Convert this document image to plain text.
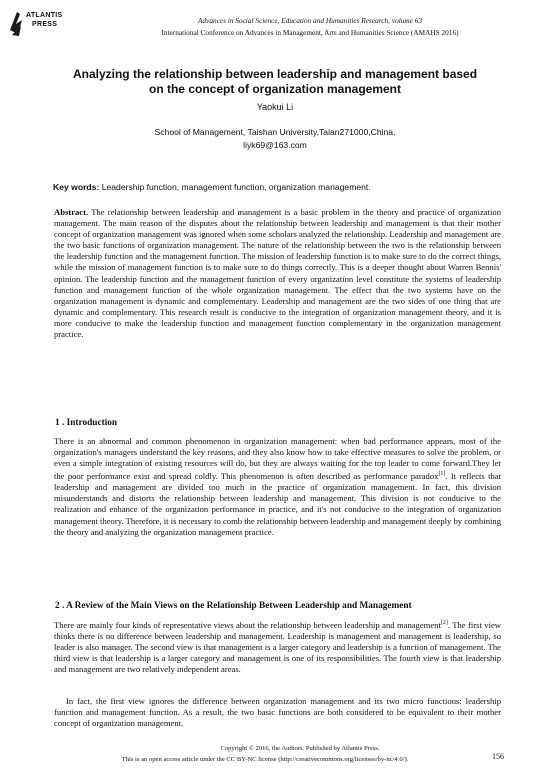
ATLANTIS
PRESS	Advances in Social Science, Education and Humanities Research, volume 63
International Conference on Advances in Management, Arts and Humanities Science (AMAHS 2016)
Analyzing the relationship between leadership and management based
on the concept of organization management
Yaokui Li
School of Management, Taishan University,Taian271000,China.
liyk69@163.com
Key words: Leadership function, management function, organization management.
Abstract. The relationship between leadership and management is a basic problem in the theory and practice of organization management. The main reason of the disputes about the relationship between leadership and management is that their mother concept of organization management was ignored when some scholars analyzed the relationship. Leadership and management are the two basic functions of organization management. The nature of the relationship between the two is the relationship between the leadership function and the management function. The mission of leadership function is to make sure to do the correct things, while the mission of management function is to make sure to do things correctly. This is a deeper thought about Warren Bennis' opinion. The leadership function and the management function of every organization level constitute the systems of leadership function and management function of the whole organization management. The effect that the two systems have on the organization management is dynamic and complementary. Leadership and management are the two sides of one thing that are dynamic and complementary. This research result is conducive to the integration of organization management theory, and it is more conducive to make the leadership function and management function complementary in the organization management practice.
1 . Introduction
There is an abnormal and common phenomenon in organization management: when bad performance appears, most of the organization's managers understand the key reasons, and they also know how to take effective measures to solve the problem, or even a simple integration of existing resources will do, but they are always waiting for the top leader to come forward.They let the poor performance exist and spread coldly. This phenomenon is often described as performance paradox[1]. It reflects that leadership and management are divided too much in the practice of organization management. In fact, this division misunderstands and distorts the relationship between leadership and management. This division is not conducive to the realization and enhance of the organization performance in practice, and it's not conducive to the integration of organization management theory. Therefore, it is necessary to comb the relationship between leadership and management deeply by combining the theory and analyzing the organization management practice.
2 . A Review of the Main Views on the Relationship Between Leadership and Management
There are mainly four kinds of representative views about the relationship between leadership and management[2]. The first view thinks there is no difference between leadership and management. Leadership is management and management is leadership, so leader is also manager. The second view is that management is a larger category and leadership is a function of management. The third view is that leadership is a larger category and management is one of its responsibilities. The fourth view is that leadership and management are two relatively independent areas.
In fact, the first view ignores the difference between organization management and its two micro functions: leadership function and management function. As a result, the two basic functions are both considered to be equivalent to their mother concept of organization management.
Copyright © 2016, the Authors. Published by Atlantis Press.
This is an open access article under the CC BY-NC license (http://creativecommons.org/licenses/by-nc/4.0/).	156
